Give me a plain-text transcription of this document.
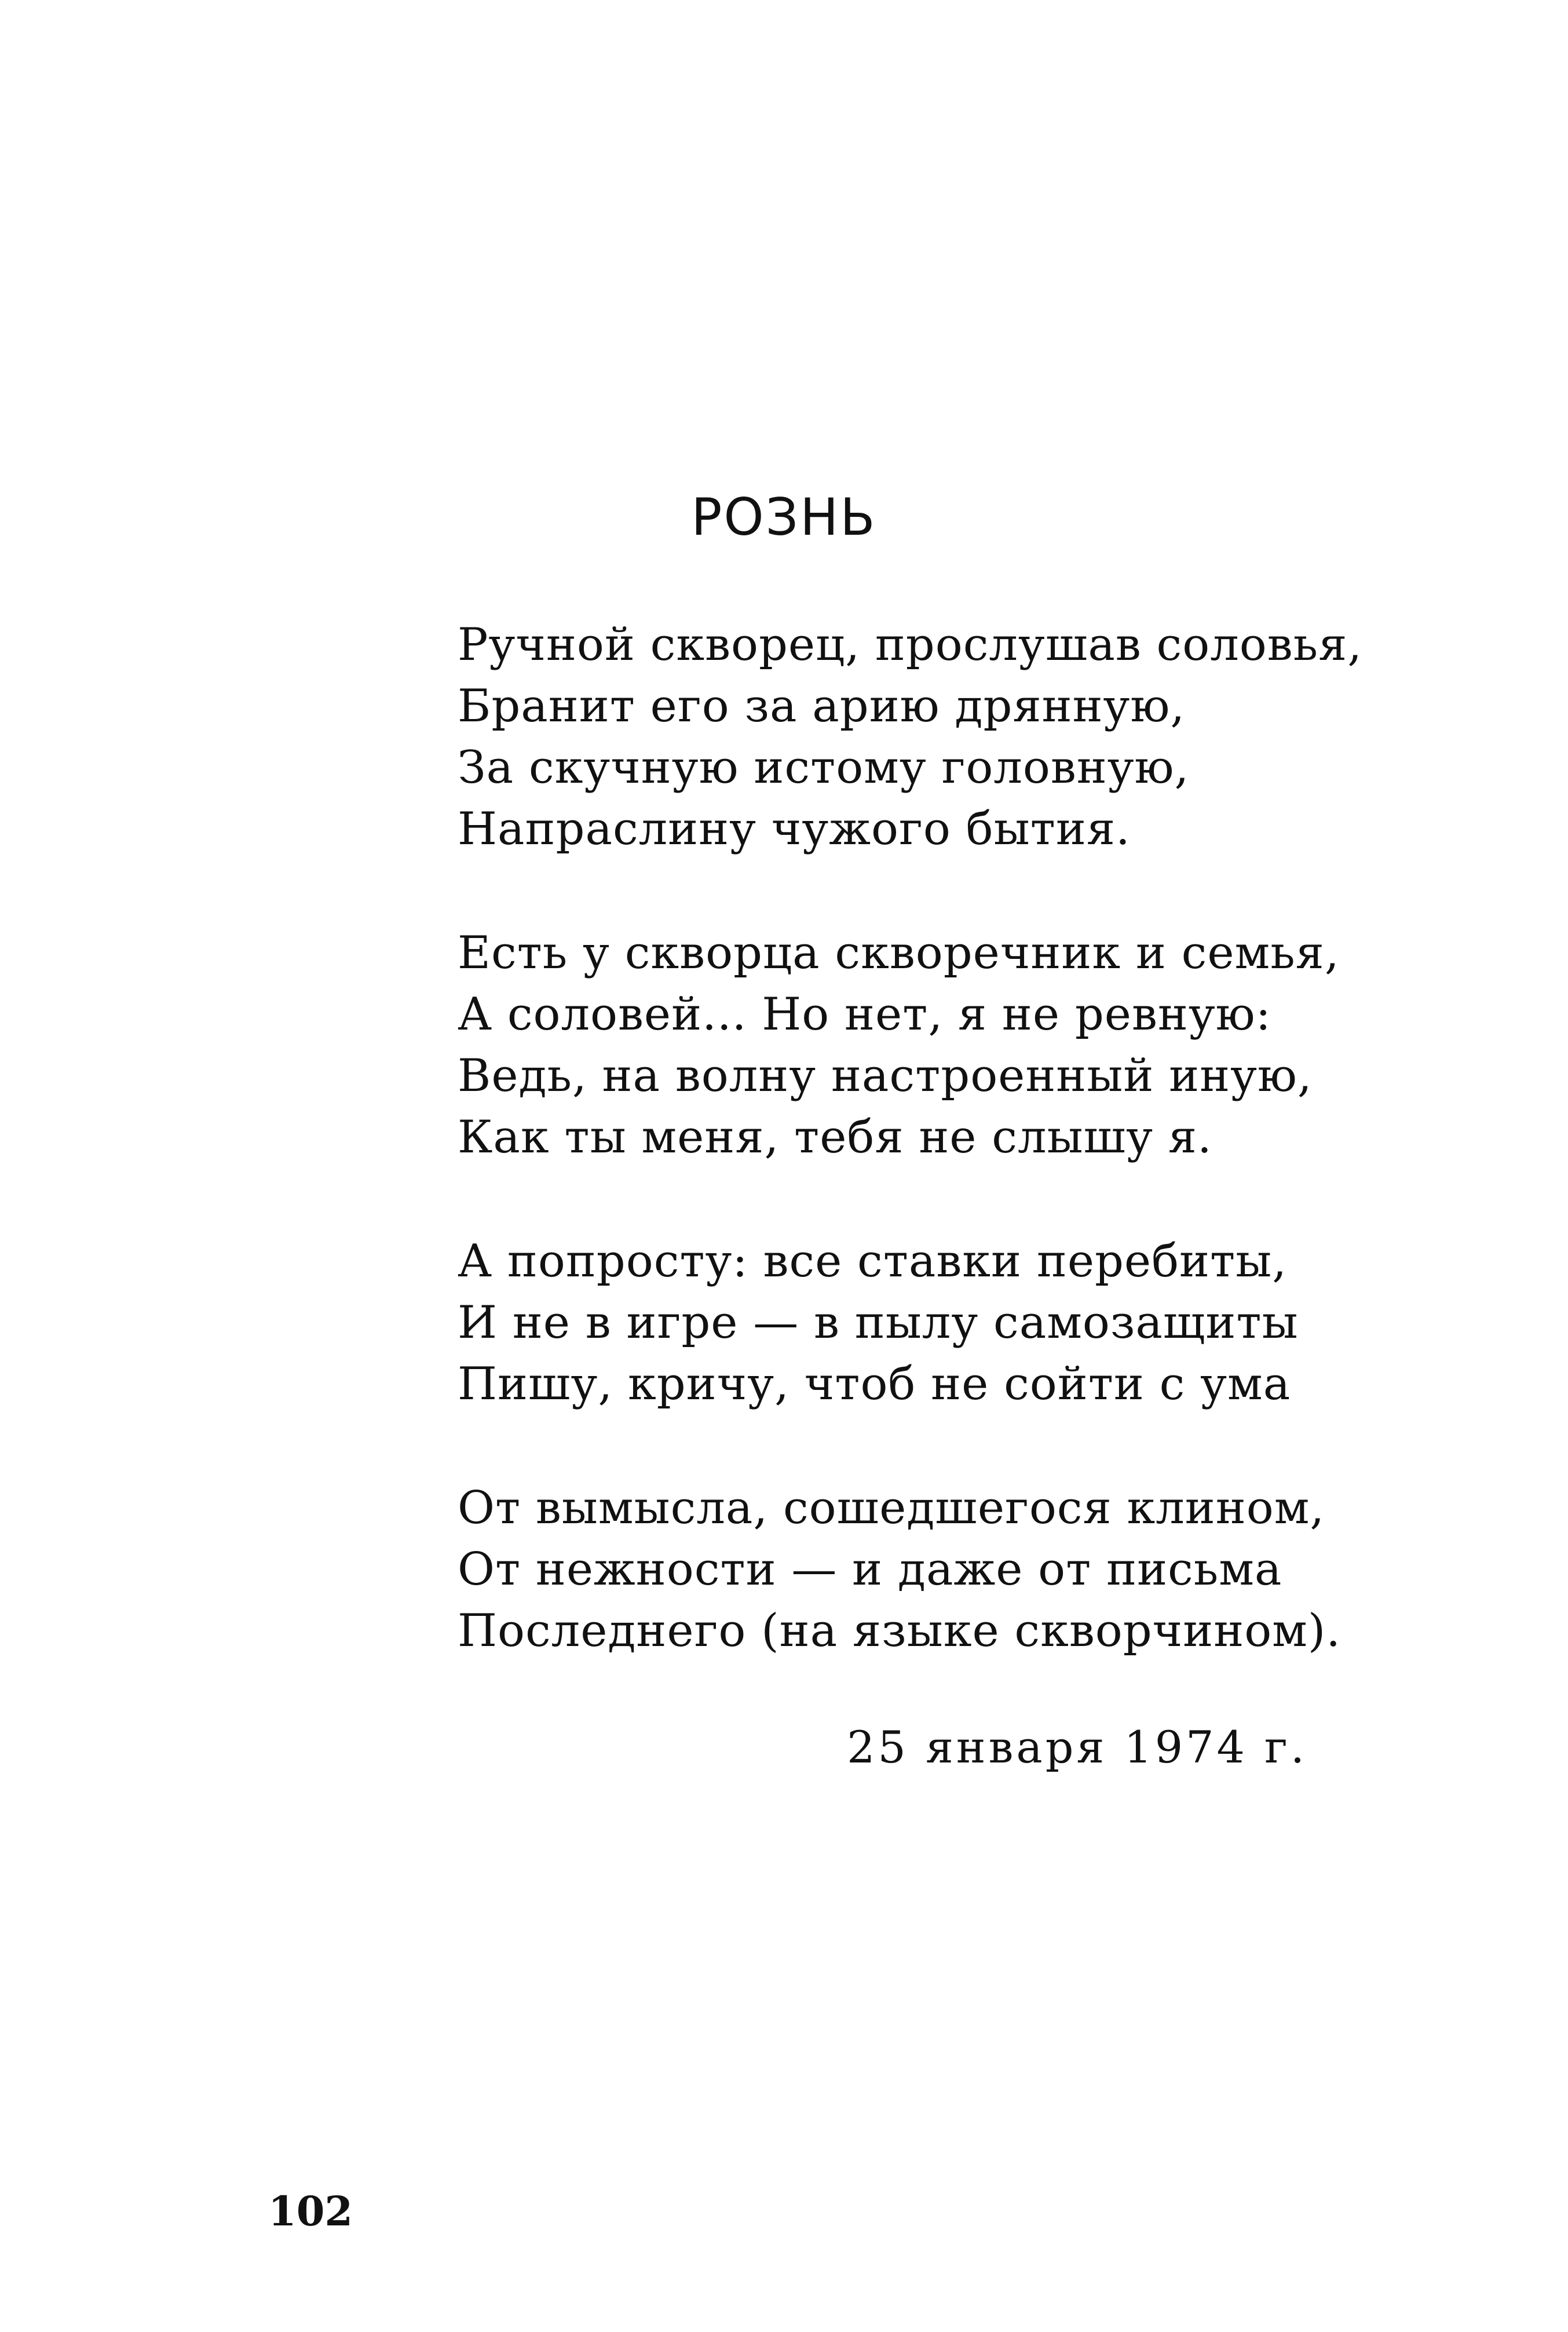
РОЗНЬ
Ручной скворец, прослушав соловья,
Бранит его за арию дрянную,
За скучную истому головную,
Напраслину чужого бытия.
Есть у скворца скворечник и семья,
А соловей... Но нет, я не ревную:
Ведь, на волну настроенный иную,
Как ты меня, тебя не слышу я.
А попросту: все ставки перебиты,
И не в игре — в пылу самозащиты
Пишу, кричу, чтоб не сойти с ума
От вымысла, сошедшегося клином,
От нежности — и даже от письма
Последнего (на языке скворчином).
25 января 1974 г.
102
